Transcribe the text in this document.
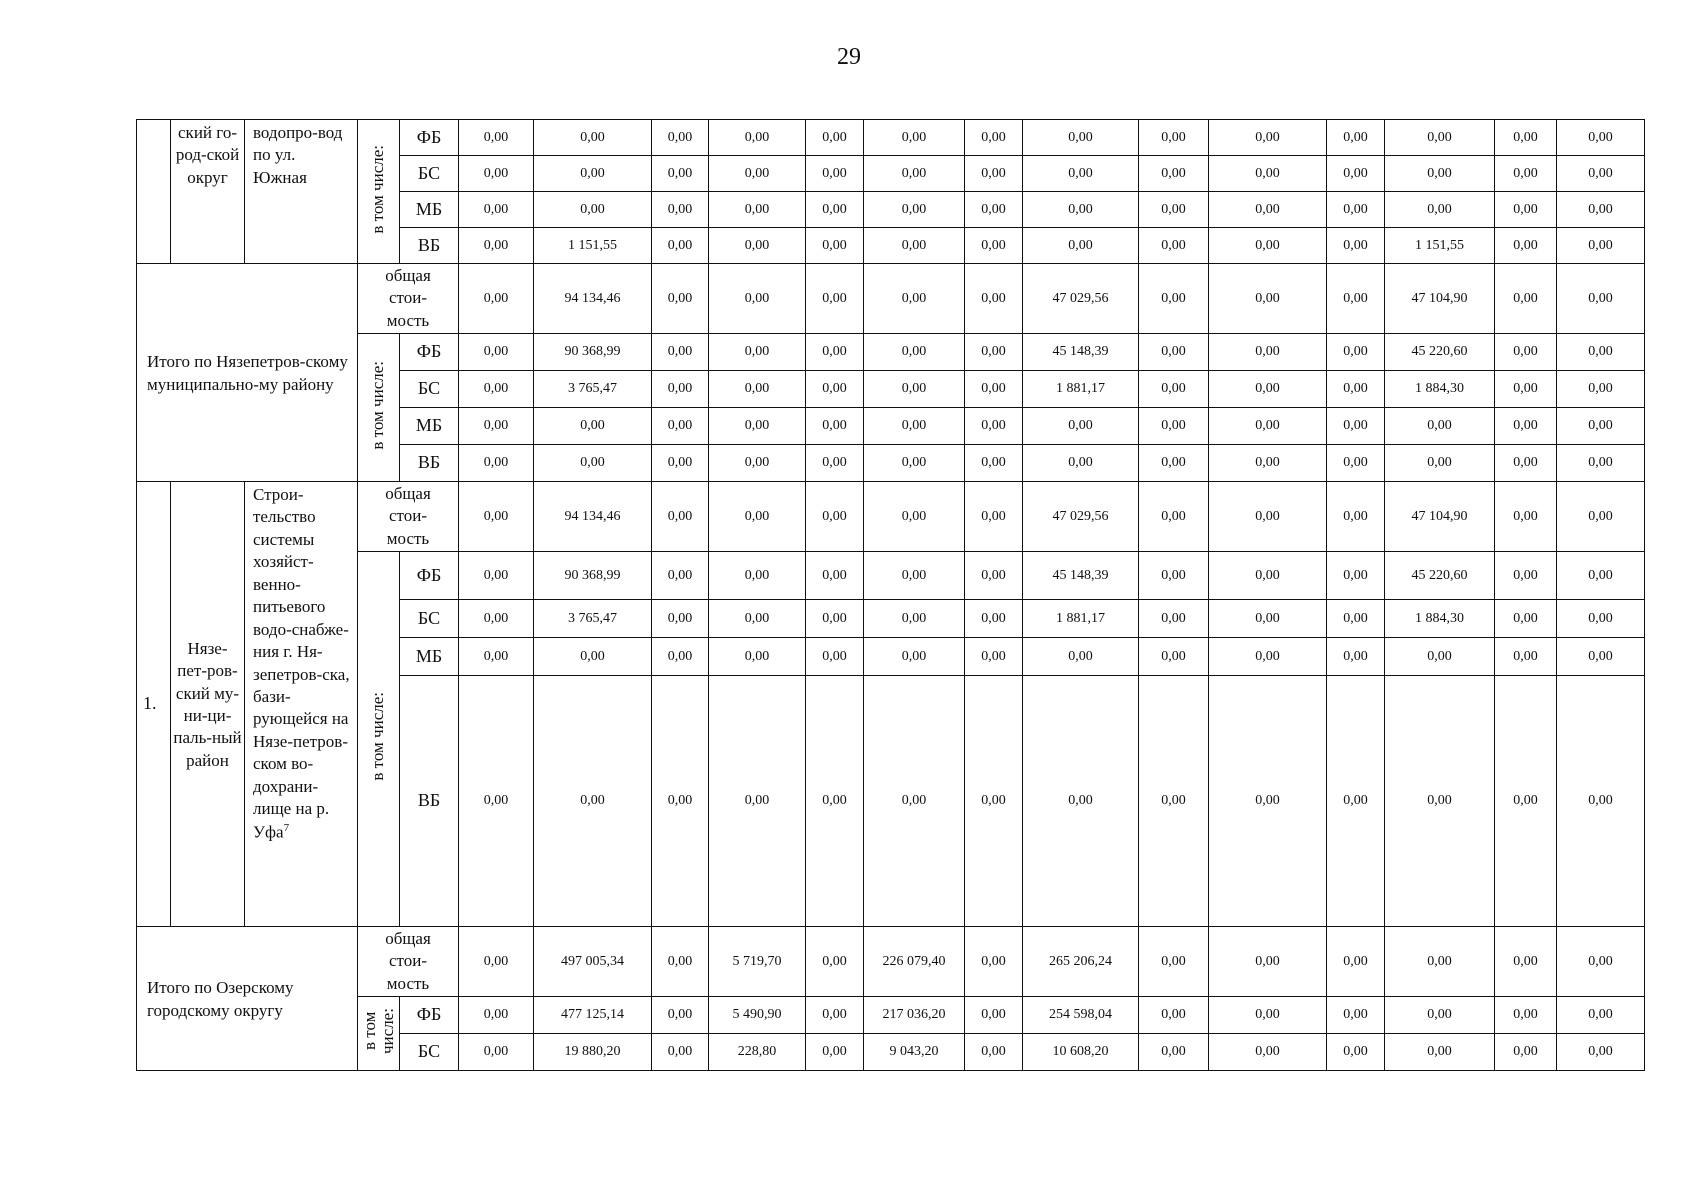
29
	ский го-род-ской округ	водопро-вод по ул. Южная	в том числе:	ФБ	0,00	0,00	0,00	0,00	0,00	0,00	0,00	0,00	0,00	0,00	0,00	0,00	0,00	0,00
				БС	0,00	0,00	0,00	0,00	0,00	0,00	0,00	0,00	0,00	0,00	0,00	0,00	0,00	0,00
				МБ	0,00	0,00	0,00	0,00	0,00	0,00	0,00	0,00	0,00	0,00	0,00	0,00	0,00	0,00
				ВБ	0,00	1 151,55	0,00	0,00	0,00	0,00	0,00	0,00	0,00	0,00	0,00	1 151,55	0,00	0,00
Итого по Нязепетров-скому муниципально-му району			общая
стои-
мость		0,00	94 134,46	0,00	0,00	0,00	0,00	0,00	47 029,56	0,00	0,00	0,00	47 104,90	0,00	0,00
			в том числе:	ФБ	0,00	90 368,99	0,00	0,00	0,00	0,00	0,00	45 148,39	0,00	0,00	0,00	45 220,60	0,00	0,00
				БС	0,00	3 765,47	0,00	0,00	0,00	0,00	0,00	1 881,17	0,00	0,00	0,00	1 884,30	0,00	0,00
				МБ	0,00	0,00	0,00	0,00	0,00	0,00	0,00	0,00	0,00	0,00	0,00	0,00	0,00	0,00
				ВБ	0,00	0,00	0,00	0,00	0,00	0,00	0,00	0,00	0,00	0,00	0,00	0,00	0,00	0,00
1.	Нязе-пет-ров-ский му-ни-ци-паль-ный район	Строи-тельство системы хозяйст-венно-питьевого водо-снабже-ния г. Ня-зепетров-ска, бази-рующейся на Нязе-петров-ском во-дохрани-лище на р. Уфа$^7$	общая
стои-
мость		0,00	94 134,46	0,00	0,00	0,00	0,00	0,00	47 029,56	0,00	0,00	0,00	47 104,90	0,00	0,00
			в том числе:	ФБ	0,00	90 368,99	0,00	0,00	0,00	0,00	0,00	45 148,39	0,00	0,00	0,00	45 220,60	0,00	0,00
				БС	0,00	3 765,47	0,00	0,00	0,00	0,00	0,00	1 881,17	0,00	0,00	0,00	1 884,30	0,00	0,00
				МБ	0,00	0,00	0,00	0,00	0,00	0,00	0,00	0,00	0,00	0,00	0,00	0,00	0,00	0,00
				ВБ	0,00	0,00	0,00	0,00	0,00	0,00	0,00	0,00	0,00	0,00	0,00	0,00	0,00	0,00
Итого по Озерскому городскому округу			общая
стои-
мость		0,00	497 005,34	0,00	5 719,70	0,00	226 079,40	0,00	265 206,24	0,00	0,00	0,00	0,00	0,00	0,00
			в том числе:	ФБ	0,00	477 125,14	0,00	5 490,90	0,00	217 036,20	0,00	254 598,04	0,00	0,00	0,00	0,00	0,00	0,00
				БС	0,00	19 880,20	0,00	228,80	0,00	9 043,20	0,00	10 608,20	0,00	0,00	0,00	0,00	0,00	0,00
